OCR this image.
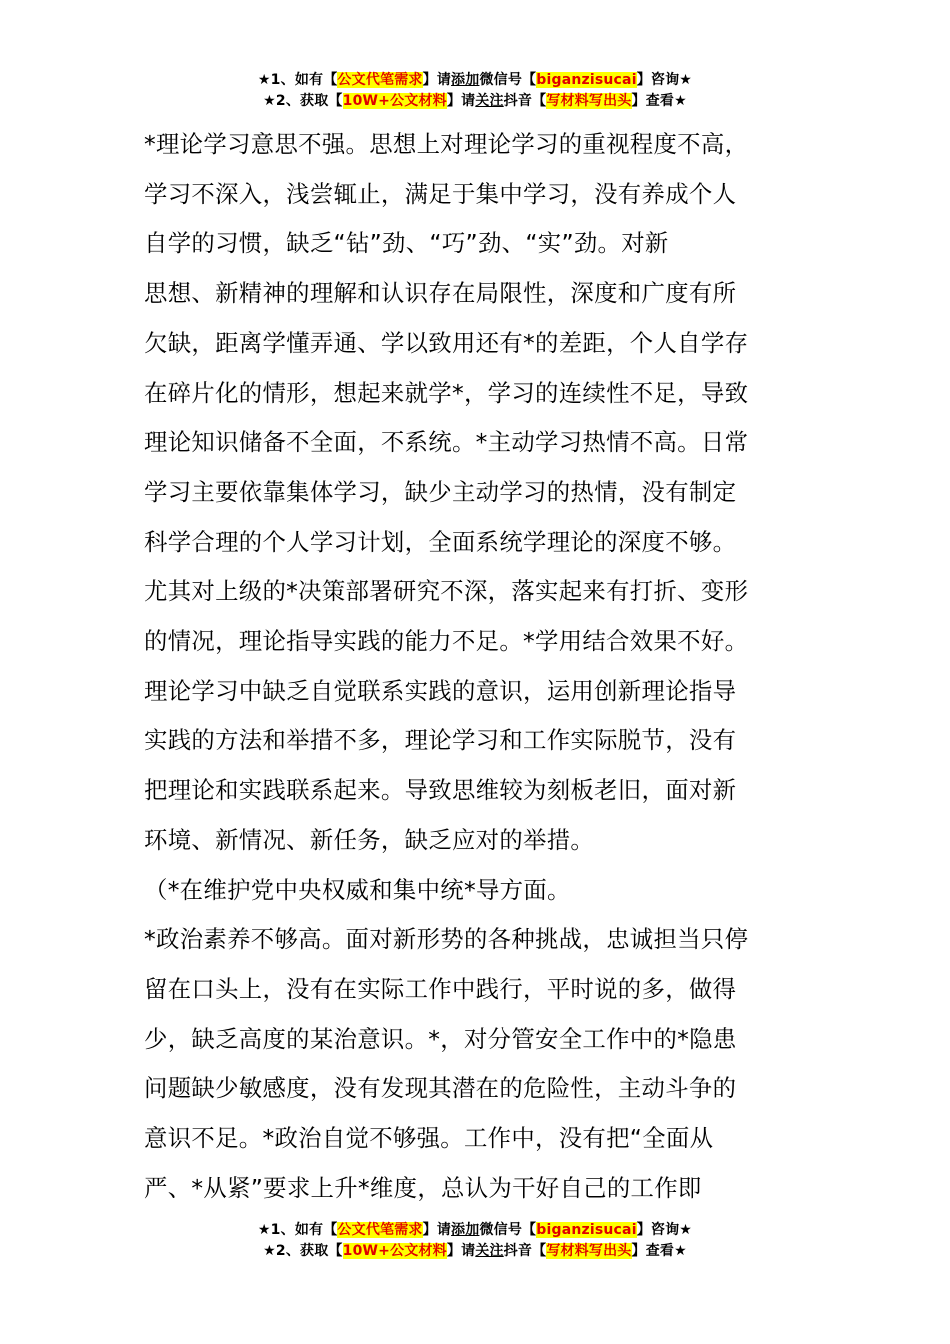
★1、如有【公文代笔需求】请添加微信号【biganzisucai】咨询★
★2、获取【10W+公文材料】请关注抖音【写材料写出头】查看★

*理论学习意思不强。思想上对理论学习的重视程度不高，

学习不深入，浅尝辄止，满足于集中学习，没有养成个人

自学的习惯，缺乏“钻”劲、“巧”劲、“实”劲。对新

思想、新精神的理解和认识存在局限性，深度和广度有所

欠缺，距离学懂弄通、学以致用还有*的差距，个人自学存

在碎片化的情形，想起来就学*，学习的连续性不足，导致

理论知识储备不全面，不系统。*主动学习热情不高。日常

学习主要依靠集体学习，缺少主动学习的热情，没有制定

科学合理的个人学习计划，全面系统学理论的深度不够。

尤其对上级的*决策部署研究不深，落实起来有打折、变形

的情况，理论指导实践的能力不足。*学用结合效果不好。

理论学习中缺乏自觉联系实践的意识，运用创新理论指导

实践的方法和举措不多，理论学习和工作实际脱节，没有

把理论和实践联系起来。导致思维较为刻板老旧，面对新

环境、新情况、新任务，缺乏应对的举措。

（*在维护党中央权威和集中统*导方面。

*政治素养不够高。面对新形势的各种挑战，忠诚担当只停

留在口头上，没有在实际工作中践行，平时说的多，做得

少，缺乏高度的某治意识。*，对分管安全工作中的*隐患

问题缺少敏感度，没有发现其潜在的危险性，主动斗争的

意识不足。*政治自觉不够强。工作中，没有把“全面从

严、*从紧”要求上升*维度，总认为干好自己的工作即

★1、如有【公文代笔需求】请添加微信号【biganzisucai】咨询★
★2、获取【10W+公文材料】请关注抖音【写材料写出头】查看★
